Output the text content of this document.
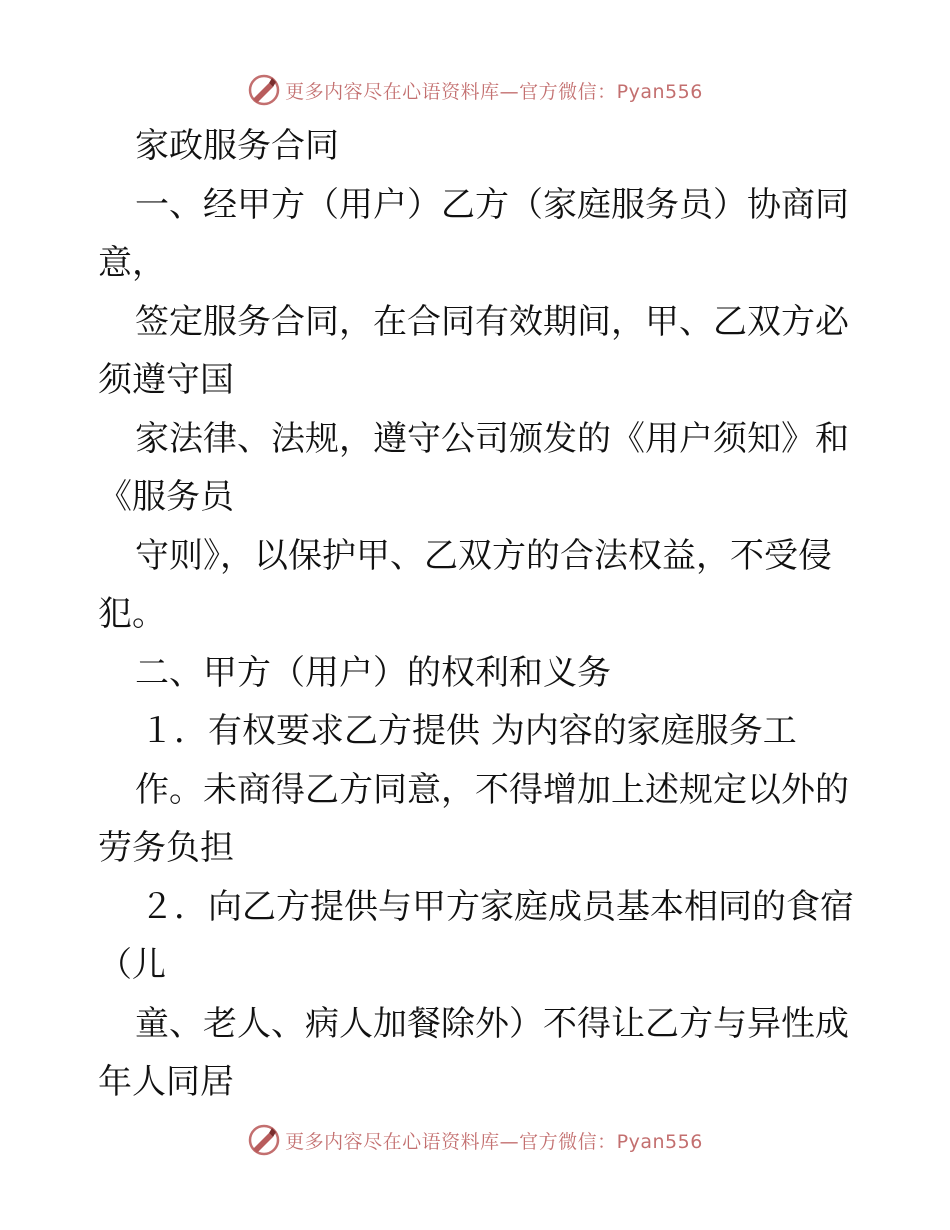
更多内容尽在心语资料库—官方微信：Pyan556
家政服务合同
一、经甲方（用户）乙方（家庭服务员）协商同
意，
签定服务合同，在合同有效期间，甲、乙双方必
须遵守国
家法律、法规，遵守公司颁发的《用户须知》和
《服务员
守则》，以保护甲、乙双方的合法权益，不受侵
犯。
二、甲方（用户）的权利和义务
１．有权要求乙方提供 为内容的家庭服务工
作。未商得乙方同意，不得增加上述规定以外的
劳务负担
２．向乙方提供与甲方家庭成员基本相同的食宿
（儿
童、老人、病人加餐除外）不得让乙方与异性成
年人同居
更多内容尽在心语资料库—官方微信：Pyan556
